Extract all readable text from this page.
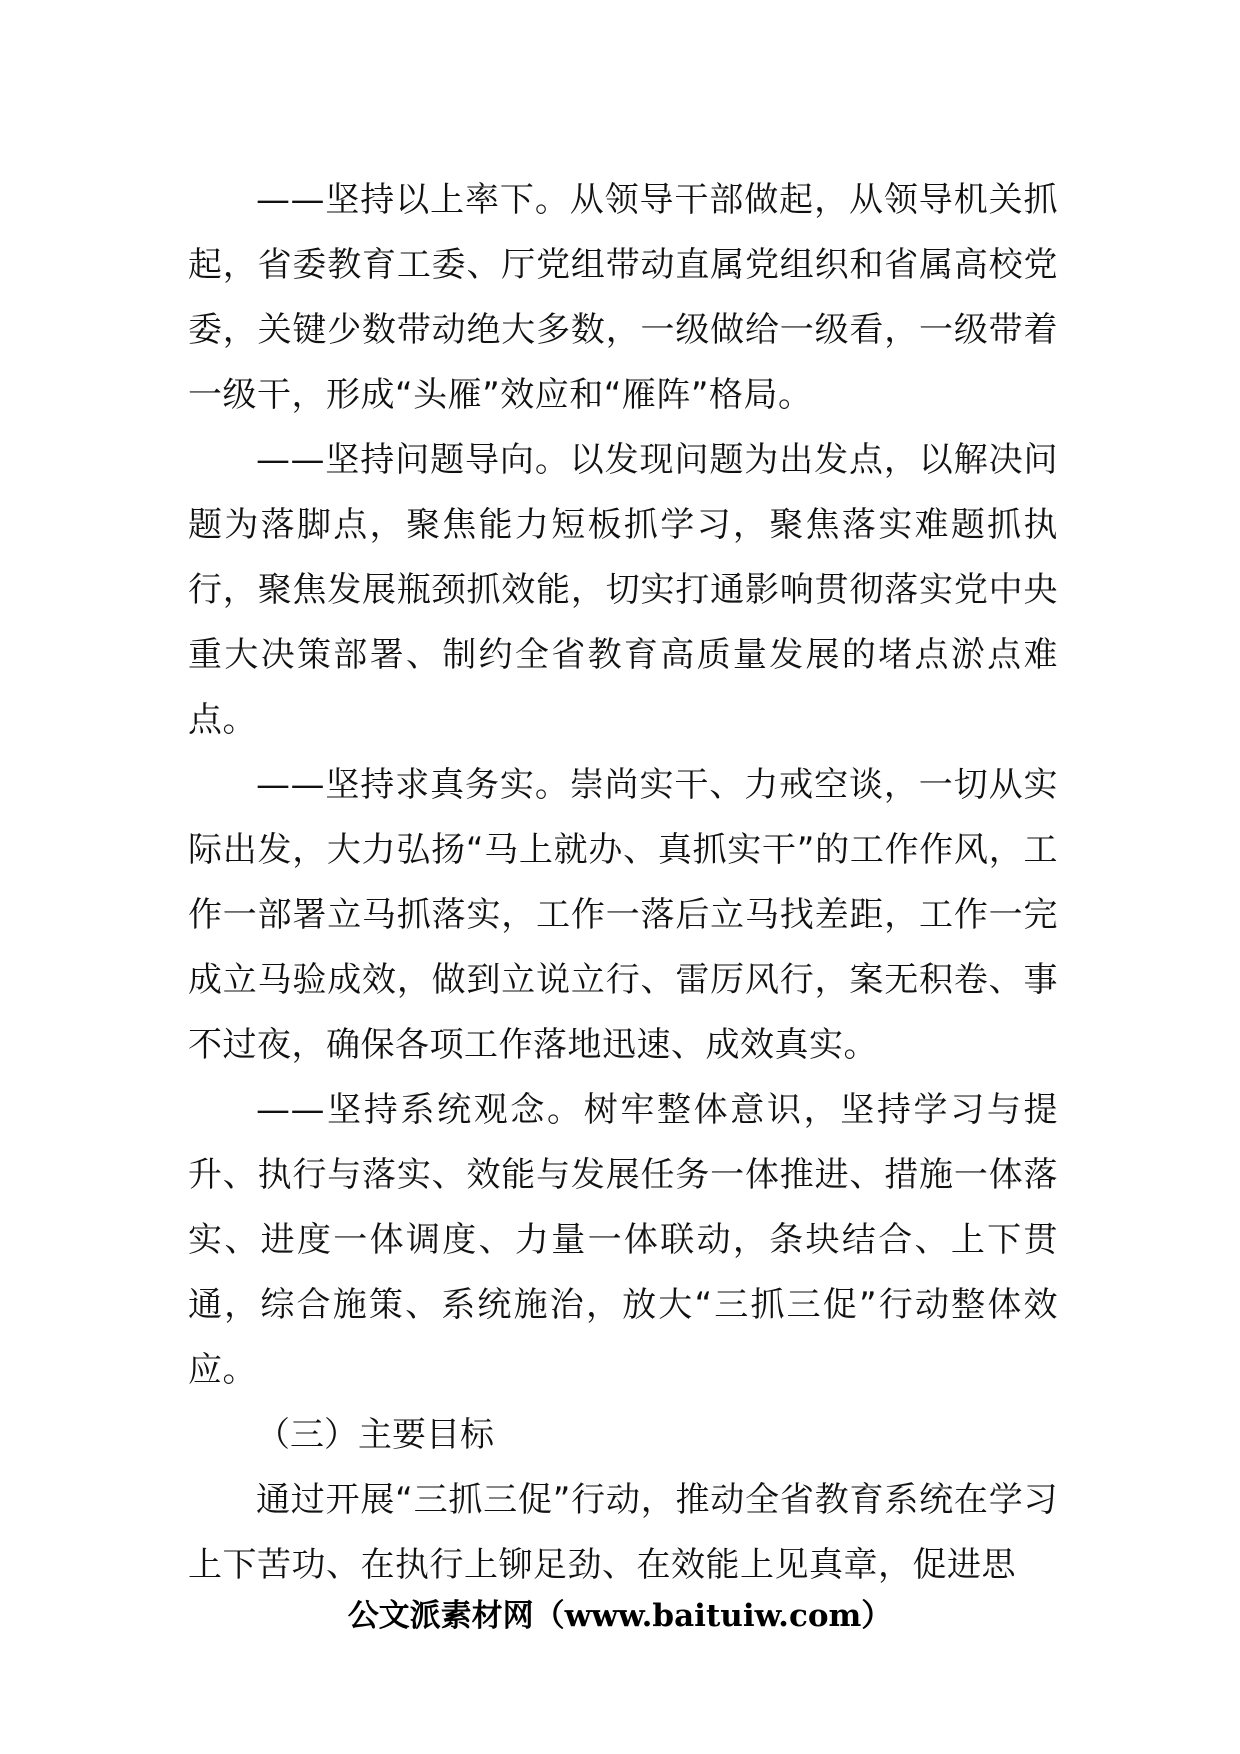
——坚持以上率下。从领导干部做起，从领导机关抓起，省委教育工委、厅党组带动直属党组织和省属高校党委，关键少数带动绝大多数，一级做给一级看，一级带着一级干，形成“头雁”效应和“雁阵”格局。

——坚持问题导向。以发现问题为出发点，以解决问题为落脚点，聚焦能力短板抓学习，聚焦落实难题抓执行，聚焦发展瓶颈抓效能，切实打通影响贯彻落实党中央重大决策部署、制约全省教育高质量发展的堵点淤点难点。

——坚持求真务实。崇尚实干、力戒空谈，一切从实际出发，大力弘扬“马上就办、真抓实干”的工作作风，工作一部署立马抓落实，工作一落后立马找差距，工作一完成立马验成效，做到立说立行、雷厉风行，案无积卷、事不过夜，确保各项工作落地迅速、成效真实。

——坚持系统观念。树牢整体意识，坚持学习与提升、执行与落实、效能与发展任务一体推进、措施一体落实、进度一体调度、力量一体联动，条块结合、上下贯通，综合施策、系统施治，放大“三抓三促”行动整体效应。

（三）主要目标

通过开展“三抓三促”行动，推动全省教育系统在学习上下苦功、在执行上铆足劲、在效能上见真章，促进思

公文派素材网（www.baituiw.com）
